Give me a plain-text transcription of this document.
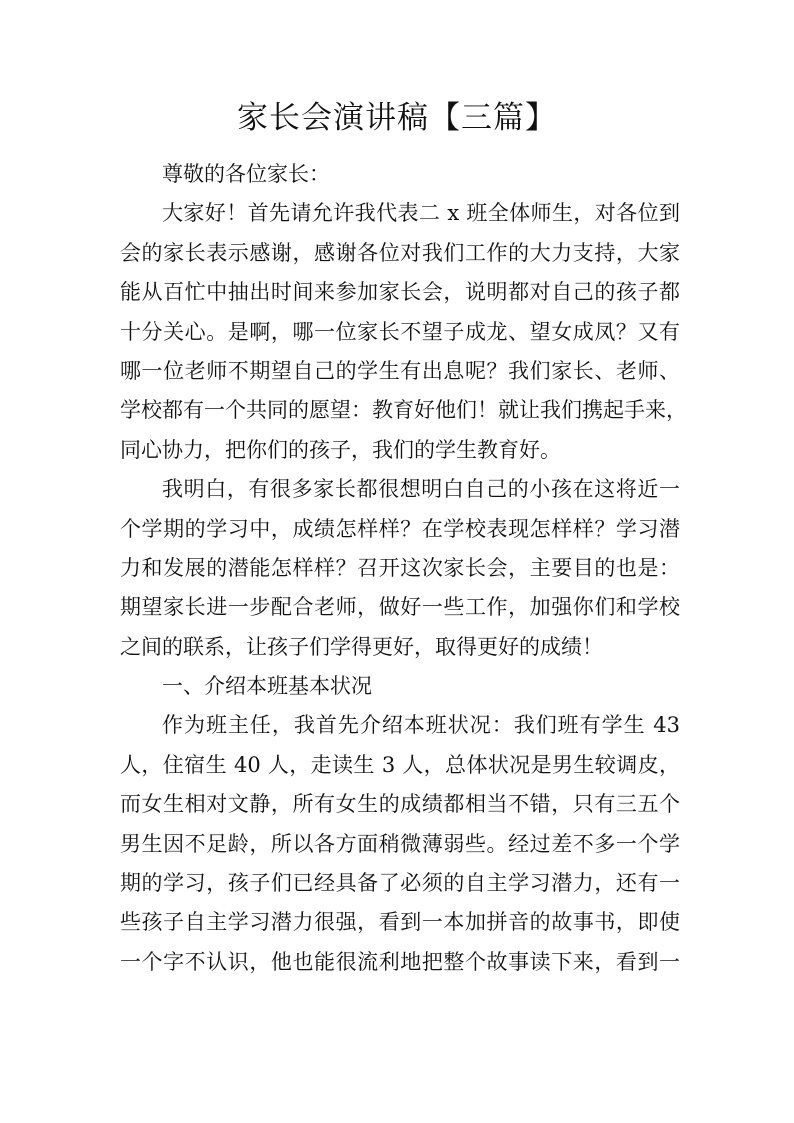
家长会演讲稿【三篇】
尊敬的各位家长：
大家好！首先请允许我代表二 x 班全体师生，对各位到
会的家长表示感谢，感谢各位对我们工作的大力支持，大家
能从百忙中抽出时间来参加家长会，说明都对自己的孩子都
十分关心。是啊，哪一位家长不望子成龙、望女成凤？又有
哪一位老师不期望自己的学生有出息呢？我们家长、老师、
学校都有一个共同的愿望：教育好他们！就让我们携起手来，
同心协力，把你们的孩子，我们的学生教育好。
我明白，有很多家长都很想明白自己的小孩在这将近一
个学期的学习中，成绩怎样样？在学校表现怎样样？学习潜
力和发展的潜能怎样样？召开这次家长会，主要目的也是：
期望家长进一步配合老师，做好一些工作，加强你们和学校
之间的联系，让孩子们学得更好，取得更好的成绩！
一、介绍本班基本状况
作为班主任，我首先介绍本班状况：我们班有学生 43
人，住宿生 40 人，走读生 3 人，总体状况是男生较调皮，
而女生相对文静，所有女生的成绩都相当不错，只有三五个
男生因不足龄，所以各方面稍微薄弱些。经过差不多一个学
期的学习，孩子们已经具备了必须的自主学习潜力，还有一
些孩子自主学习潜力很强，看到一本加拼音的故事书，即使
一个字不认识，他也能很流利地把整个故事读下来，看到一
